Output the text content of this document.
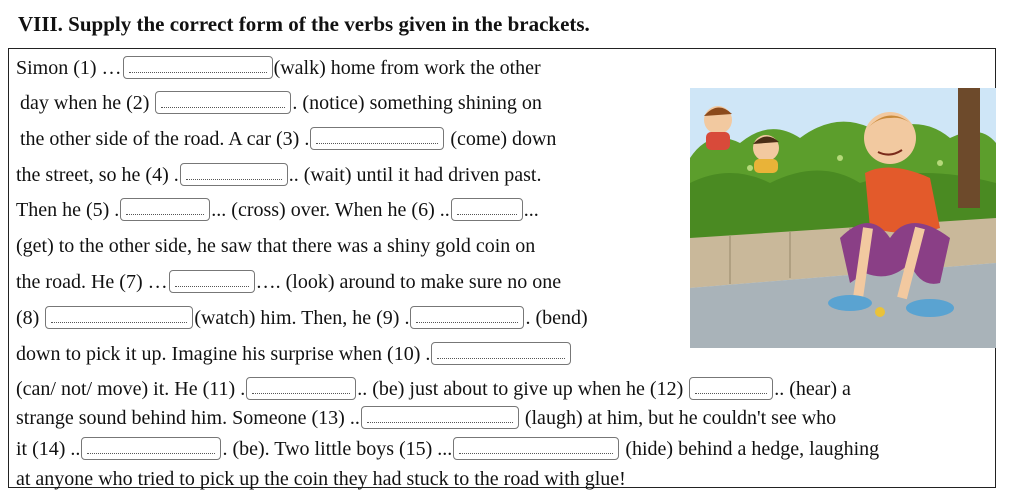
VIII. Supply the correct form of the verbs given in the brackets.
Simon (1) …	(walk) home from work the other
day when he (2)	. (notice) something shining on
the other side of the road. A car (3) .	(come) down
the street, so he (4) .	.. (wait) until it had driven past.
Then he (5) .	... (cross) over. When he (6) ..	...
(get) to the other side, he saw that there was a shiny gold coin on
the road. He (7) …	…. (look) around to make sure no one
(8)	(watch) him. Then, he (9) .	. (bend)
down to pick it up. Imagine his surprise when (10) .
(can/ not/ move) it. He (11) .	.. (be) just about to give up when he (12)	.. (hear) a
strange sound behind him. Someone (13) ..	(laugh) at him, but he couldn't see who
it (14) ..	. (be). Two little boys (15) ...	(hide) behind a hedge, laughing
at anyone who tried to pick up the coin they had stuck to the road with glue!
